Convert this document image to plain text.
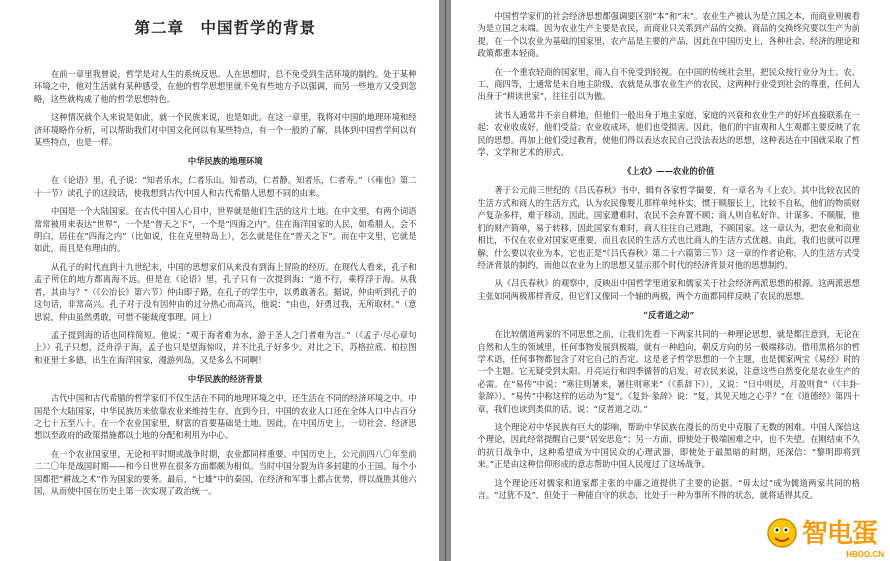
第二章　中国哲学的背景

在前一章里我曾说，哲学是对人生的系统反思。人在思想时，总不免受到生活环境的制约。处于某种环境之中，他对生活就有某种感受，在他的哲学思想里就不免有些地方予以强调，而另一些地方又受到忽略，这些就构成了他的哲学思想特色。

这种情况就个人来说是如此，就一个民族来说，也是如此。在这一章里，我将对中国的地理环境和经济环境略作分析，可以帮助我们对中国文化何以有某些特点，有一个一般的了解，具体到中国哲学何以有某些特点，也是一样。

中华民族的地理环境

在《论语》里，孔子说：“知者乐水，仁者乐山。知者动，仁者静。知者乐，仁者寿。”（《雍也》第二十一节）读孔子的这段话，使我想到古代中国人和古代希腊人思想不同的由来。

中国是一个大陆国家。在古代中国人心目中，世界就是他们生活的这片土地。在中文里，有两个词语常常被用来表达“世界”，一个是“普天之下”，一个是“四海之内”。住在海洋国家的人民，如希腊人，会不明白，居住在“四海之内”（比如说，住在克里特岛上），怎么就是住在“普天之下”。而在中文里，它就是如此，而且是有理由的。

从孔子的时代直到十九世纪末，中国的思想家们从来没有到海上冒险的经历。在现代人看来，孔子和孟子所住的地方都离海不远。但是在《论语》里，孔子只有一次提到海：“道不行，乘桴浮于海。从我者，其由与？”（《公冶长》第六节）仲由即子路，在孔子的学生中，以勇敢著名。据说，仲由听到孔子的这句话，非常高兴。孔子对于没有因仲由的过分热心而高兴，他说：“由也，好勇过我，无所取材。”（意思说，仲由虽然勇敢，可惜不能裁度事理。同上）

孟子提到海的话也同样简短。他说：“观于海者难为水，游于圣人之门者难为言。”（《孟子·尽心章句上》）孔子只想，泛舟浮于海，孟子也只是望海惊叹，并不比孔子好多少。对比之下，苏格拉底、柏拉图和亚里士多德，出生在海洋国家，漫游列岛，又是多么不同啊！

中华民族的经济背景

古代中国和古代希腊的哲学家们不仅生活在不同的地理环境之中，还生活在不同的经济环境之中。中国是个大陆国家，中华民族历来依靠农业来维持生存。直到今日，中国的农业人口还在全体人口中占百分之七十五至八十。在一个农业国家里，财富的首要基础是土地。因此，在中国历史上，一切社会、经济思想以至政府的政策措施都以土地的分配和利用为中心。

在一个农业国家里，无论和平时期或战争时期，农业都同样重要。中国历史上，公元前四八〇年至前二二〇年是战国时期——和今日世界在很多方面都颇为相似。当时中国分裂为许多封建的小王国。每个小国都把“耕战之术”作为国家的要务。最后，“七雄”中的秦国，在经济和军事上都占优势，得以战胜其他六国，从而使中国在历史上第一次实现了政治统一。

中国哲学家们的社会经济思想都强调要区别“本”和“末”。农业生产被认为是立国之本，而商业则被看为是立国之末端。因为农业生产主要是农民，而商业只关系到产品的交换。商品的交换终究要以生产为前提，在一个以农业为基础的国家里，农产品是主要的产品，因此在中国历史上，各种社会、经济的理论和政策都重本轻商。

在一个重农轻商的国家里，商人自不免受到轻视。在中国的传统社会里，把民众按行业分为士、农、工、商四等，士通常是未自地主阶级。农就是从事农业生产的农民，这两种行业受到社会的尊重，任何人出身于“耕读世家”，往往引以为傲。

读书人通常并不亲自耕地，但他们一般出身于地主家庭，家庭的兴衰和农业生产的好坏直接联系在一起：农业收成好，他们受益；农业收成坏，他们也受损害。因此，他们的宇宙观和人生观都主要反映了农民的思想。再加上他们受过教育，使他们得以表达农民自己没法表达的思想，这种表达在中国就采取了哲学、文学和艺术的形式。

《上农》——农业的价值

著于公元前三世纪的《吕氏春秋》书中，辑有各家哲学撮要，有一章名为《上农》。其中比较农民的生活方式和商人的生活方式，认为农民像婴儿那样单纯朴实，惯于顺服长上，比较不自私，他们的物质财产复杂多样，难于移动，因此，国家遭难时，农民不会弃置不顾；商人则自私好诈、计谋多、不顺服，他们的财产简单，易于转移，因此国家有难时，商人往往自己逃跑，不顾国家。这一章认为，把农业和商业相比，不仅在农业对国家更重要，而且农民的生活方式也比商人的生活方式优越。由此，我们也就可以理解，什么要以农业为本，它也正是“《吕氏春秋》第二十六篇第三节）这一章的作者论称，人的生活方式受经济背景的制约，而他以农业为上的思想又显示那个时代的经济背景对他的思想制约。

从《吕氏春秋》的观察中，反映出中国哲学里道家和儒家关于社会经济两派思想的根源。这两派思想主张如同两极那样背反，但它们又像同一个轴的两极，两个方面都同样反映了农民的思想。

“反者道之动”

在比较儒道两家的不同思想之前，让我们先看一下两家共同的一种理论思想，就是都注意到，无论在自然和人生的领域里，任何事物发展到极端，就有一种趋向，朝反方向的另一极端移动。借用黑格尔的哲学术语，任何事物都包含了对它自己的否定。这是老子哲学思想的一个主题，也是儒家两宝《易经》时的一个主题。它无疑受到太阳、月亮运行和四季循替的启发。对农民来说，注意这些自然变化是农业生产的必需。在“易传”中说：“寒往则暑来，暑往则寒来”（《系辞下》），又说：“日中则昃，月盈则食”（《丰卦·彖辞》）。“易传”中称这样的运动为“复”。《复卦·彖辞》说：“复，其见天地之心乎？”在《道德经》第四十章，我们也读到类似的话，说：“反者道之动。”

这个理论对中华民族有巨大的影响，帮助中华民族在漫长的历史中克服了无数的困难。中国人深信这个理论，因此经常提醒自己要“居安思危”；另一方面，即使处于极端困难之中，也不失望。在刚结束不久的抗日战争中，这种希望成为中国民众的心理武器，即使处于最黑暗的时期，还深信：“黎明即将到来。”正是由这种信仰形成的意志帮助中国人民度过了这场战争。

这个理论还对儒家和道家都主张的中庸之道提供了主要的论据。“毋太过”成为儒道两家共同的格言。“过犹不及”，但处于一种能自守的状态，比处于一种为事所不得的状态，就将适得其反。

智电蛋
HBOO.CN
